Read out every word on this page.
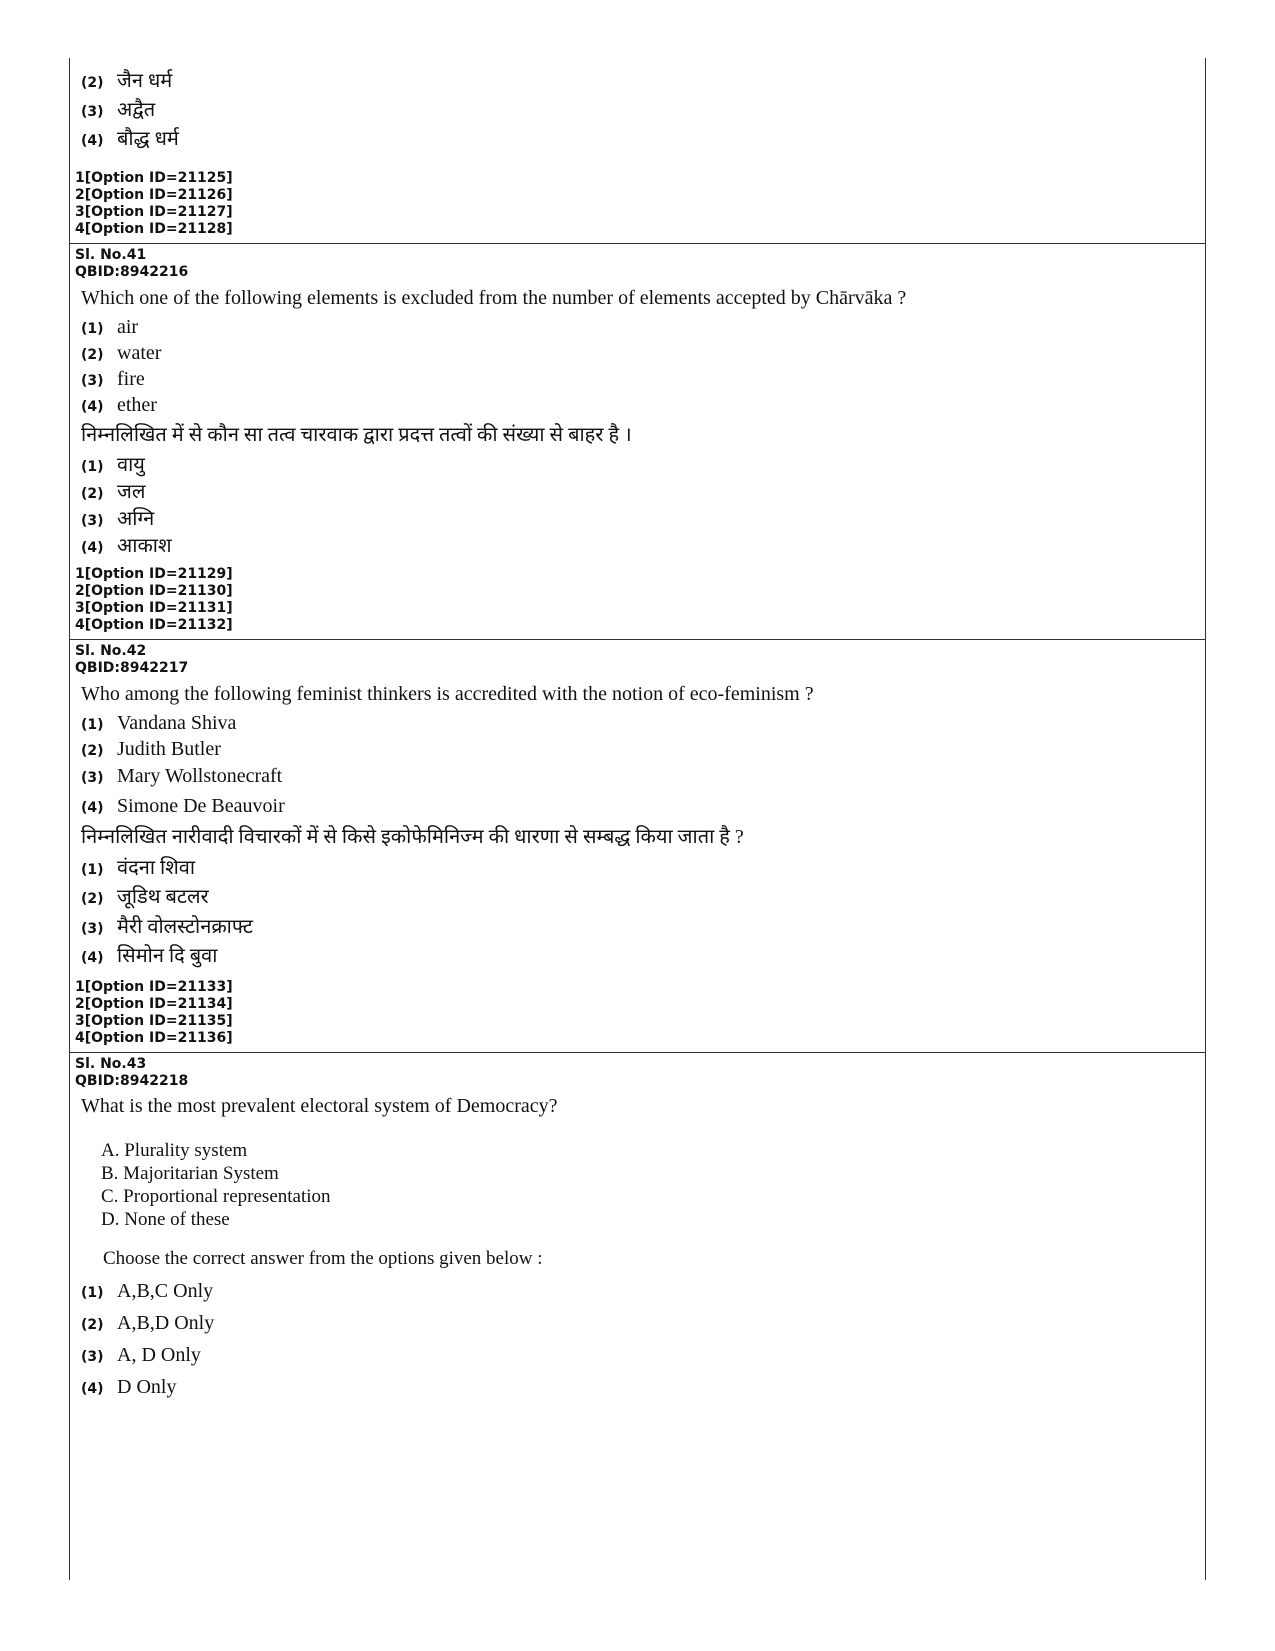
(2) जैन धर्म
(3) अद्वैत
(4) बौद्ध धर्म
1[Option ID=21125]
2[Option ID=21126]
3[Option ID=21127]
4[Option ID=21128]
Sl. No.41
QBID:8942216
Which one of the following elements is excluded from the number of elements accepted by Chārvāka ?
(1) air
(2) water
(3) fire
(4) ether
निम्नलिखित में से कौन सा तत्व चारवाक द्वारा प्रदत्त तत्वों की संख्या से बाहर है ।
(1) वायु
(2) जल
(3) अग्नि
(4) आकाश
1[Option ID=21129]
2[Option ID=21130]
3[Option ID=21131]
4[Option ID=21132]
Sl. No.42
QBID:8942217
Who among the following feminist thinkers is accredited with the notion of eco-feminism ?
(1) Vandana Shiva
(2) Judith Butler
(3) Mary Wollstonecraft
(4) Simone De Beauvoir
निम्नलिखित नारीवादी विचारकों में से किसे इकोफेमिनिज्म की धारणा से सम्बद्ध किया जाता है ?
(1) वंदना शिवा
(2) जूडिथ बटलर
(3) मैरी वोलस्टोनक्राफ्ट
(4) सिमोन दि बुवा
1[Option ID=21133]
2[Option ID=21134]
3[Option ID=21135]
4[Option ID=21136]
Sl. No.43
QBID:8942218
What is the most prevalent electoral system of Democracy?
A. Plurality system
B. Majoritarian System
C. Proportional representation
D. None of these
Choose the correct answer from the options given below :
(1) A,B,C Only
(2) A,B,D Only
(3) A, D Only
(4) D Only
